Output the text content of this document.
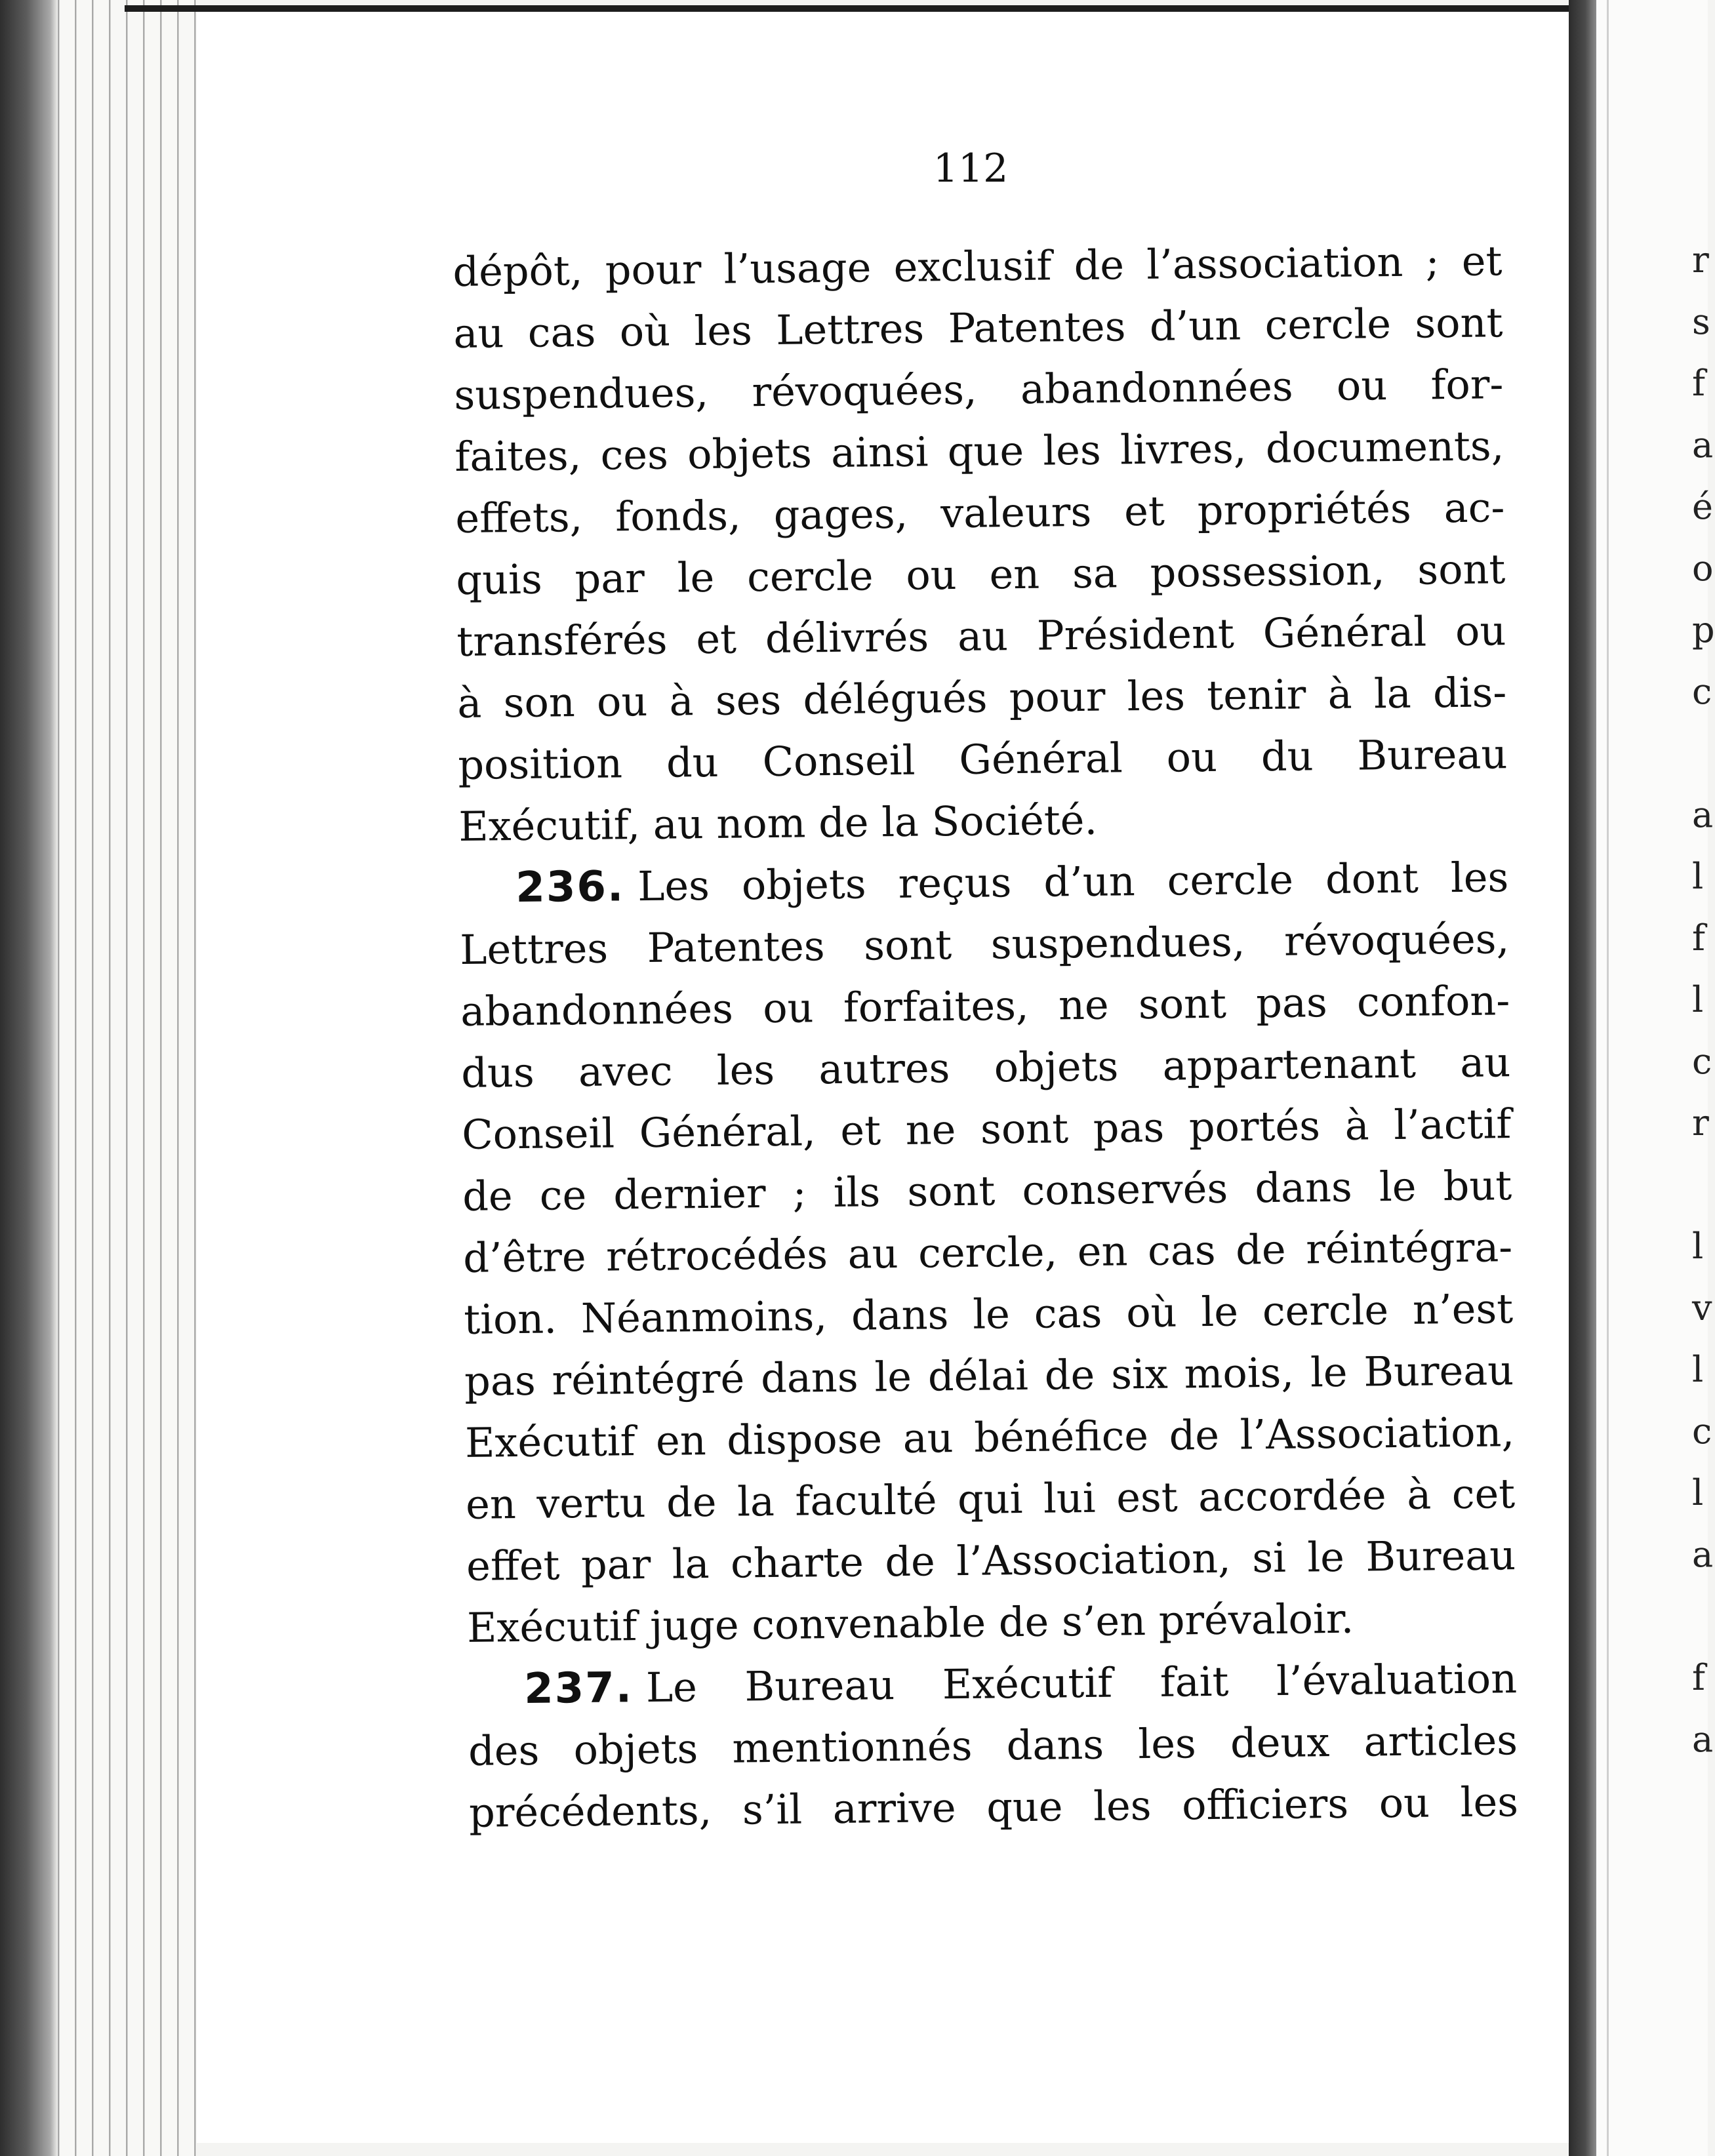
112
dépôt, pour l’usage exclusif de l’association ; et
au cas où les Lettres Patentes d’un cercle sont
suspendues, révoquées, abandonnées ou for-
faites, ces objets ainsi que les livres, documents,
effets, fonds, gages, valeurs et propriétés ac-
quis par le cercle ou en sa possession, sont
transférés et délivrés au Président Général ou
à son ou à ses délégués pour les tenir à la dis-
position du Conseil Général ou du Bureau
Exécutif, au nom de la Société.
236. Les objets reçus d’un cercle dont les
Lettres Patentes sont suspendues, révoquées,
abandonnées ou forfaites, ne sont pas confon-
dus avec les autres objets appartenant au
Conseil Général, et ne sont pas portés à l’actif
de ce dernier ; ils sont conservés dans le but
d’être rétrocédés au cercle, en cas de réintégra-
tion. Néanmoins, dans le cas où le cercle n’est
pas réintégré dans le délai de six mois, le Bureau
Exécutif en dispose au bénéfice de l’Association,
en vertu de la faculté qui lui est accordée à cet
effet par la charte de l’Association, si le Bureau
Exécutif juge convenable de s’en prévaloir.
237. Le Bureau Exécutif fait l’évaluation
des objets mentionnés dans les deux articles
précédents, s’il arrive que les officiers ou les
r
s
f
a
é
o
p
c
a
l
f
l
c
r
l
v
l
c
l
a
f
a
